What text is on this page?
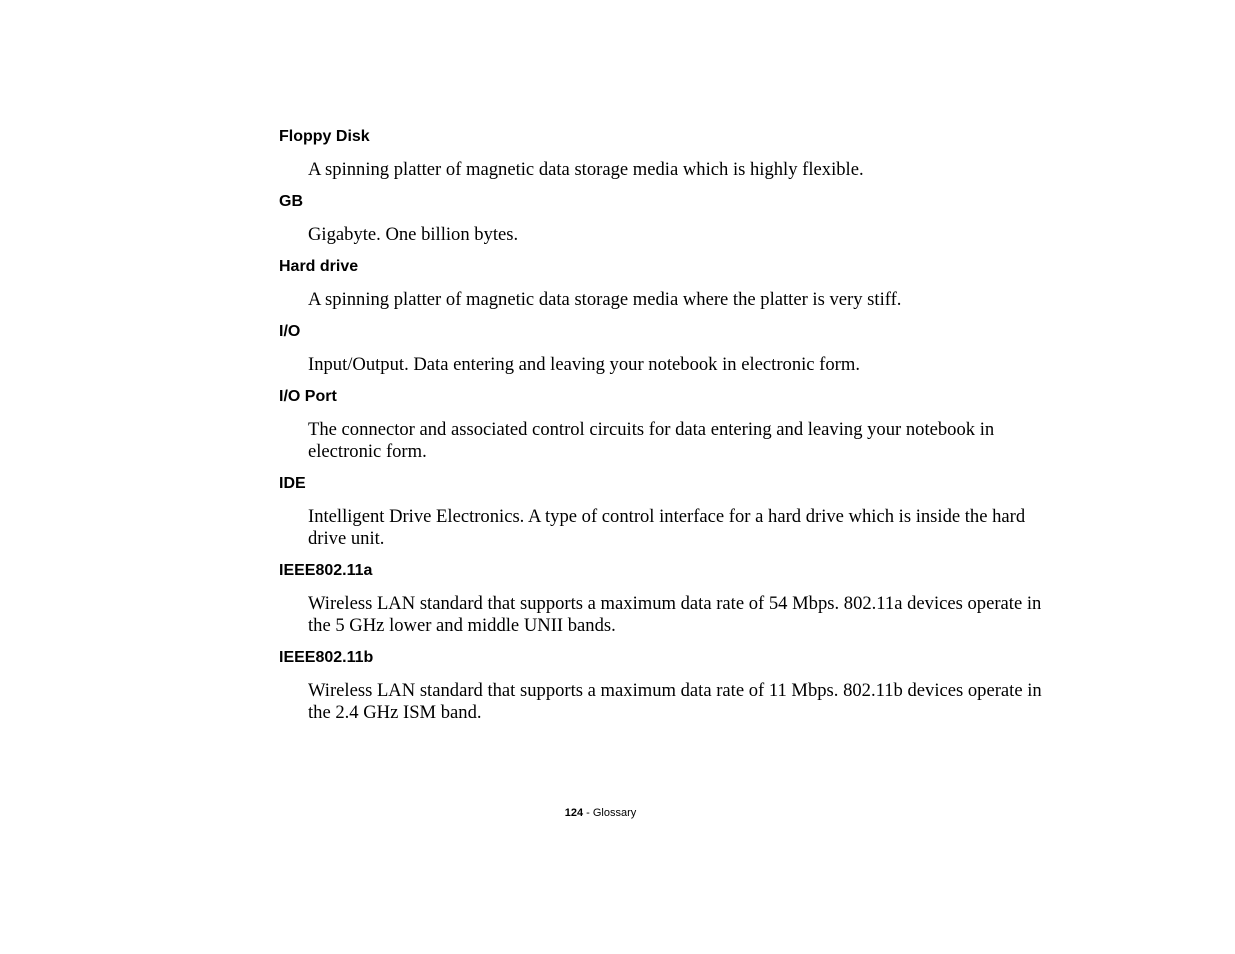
Floppy Disk
A spinning platter of magnetic data storage media which is highly flexible.
GB
Gigabyte. One billion bytes.
Hard drive
A spinning platter of magnetic data storage media where the platter is very stiff.
I/O
Input/Output. Data entering and leaving your notebook in electronic form.
I/O Port
The connector and associated control circuits for data entering and leaving your notebook in electronic form.
IDE
Intelligent Drive Electronics. A type of control interface for a hard drive which is inside the hard drive unit.
IEEE802.11a
Wireless LAN standard that supports a maximum data rate of 54 Mbps. 802.11a devices operate in the 5 GHz lower and middle UNII bands.
IEEE802.11b
Wireless LAN standard that supports a maximum data rate of 11 Mbps. 802.11b devices operate in the 2.4 GHz ISM band.
124 - Glossary
